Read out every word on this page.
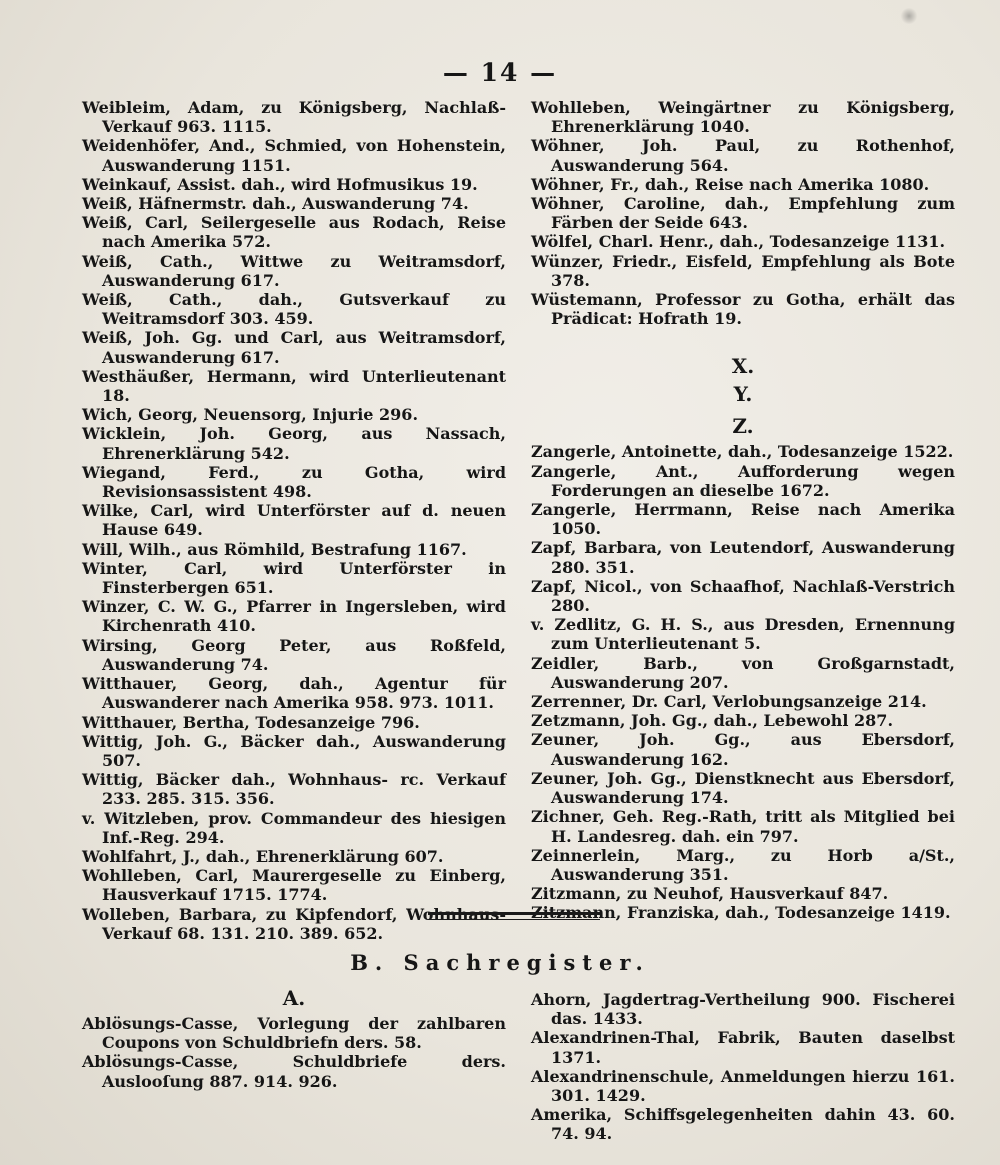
— 14 —

Weibleim, Adam, zu Königsberg, Nachlaß-Verkauf 963. 1115.

Weidenhöfer, And., Schmied, von Hohenstein, Auswanderung 1151.

Weinkauf, Assist. dah., wird Hofmusikus 19.

Weiß, Häfnermstr. dah., Auswanderung 74.

Weiß, Carl, Seilergeselle aus Rodach, Reise nach Amerika 572.

Weiß, Cath., Wittwe zu Weitramsdorf, Auswanderung 617.

Weiß, Cath., dah., Gutsverkauf zu Weitramsdorf 303. 459.

Weiß, Joh. Gg. und Carl, aus Weitramsdorf, Auswanderung 617.

Westhäußer, Hermann, wird Unterlieutenant 18.

Wich, Georg, Neuensorg, Injurie 296.

Wicklein, Joh. Georg, aus Nassach, Ehrenerklärung 542.

Wiegand, Ferd., zu Gotha, wird Revisionsassistent 498.

Wilke, Carl, wird Unterförster auf d. neuen Hause 649.

Will, Wilh., aus Römhild, Bestrafung 1167.

Winter, Carl, wird Unterförster in Finsterbergen 651.

Winzer, C. W. G., Pfarrer in Ingersleben, wird Kirchenrath 410.

Wirsing, Georg Peter, aus Roßfeld, Auswanderung 74.

Witthauer, Georg, dah., Agentur für Auswanderer nach Amerika 958. 973. 1011.

Witthauer, Bertha, Todesanzeige 796.

Wittig, Joh. G., Bäcker dah., Auswanderung 507.

Wittig, Bäcker dah., Wohnhaus- rc. Verkauf 233. 285. 315. 356.

v. Witzleben, prov. Commandeur des hiesigen Inf.-Reg. 294.

Wohlfahrt, J., dah., Ehrenerklärung 607.

Wohlleben, Carl, Maurergeselle zu Einberg, Hausverkauf 1715. 1774.

Wolleben, Barbara, zu Kipfendorf, Wohnhaus-Verkauf 68. 131. 210. 389. 652.

Wohlleben, Weingärtner zu Königsberg, Ehrenerklärung 1040.

Wöhner, Joh. Paul, zu Rothenhof, Auswanderung 564.

Wöhner, Fr., dah., Reise nach Amerika 1080.

Wöhner, Caroline, dah., Empfehlung zum Färben der Seide 643.

Wölfel, Charl. Henr., dah., Todesanzeige 1131.

Wünzer, Friedr., Eisfeld, Empfehlung als Bote 378.

Wüstemann, Professor zu Gotha, erhält das Prädicat: Hofrath 19.

X.

Y.

Z.

Zangerle, Antoinette, dah., Todesanzeige 1522.

Zangerle, Ant., Aufforderung wegen Forderungen an dieselbe 1672.

Zangerle, Herrmann, Reise nach Amerika 1050.

Zapf, Barbara, von Leutendorf, Auswanderung 280. 351.

Zapf, Nicol., von Schaafhof, Nachlaß-Verstrich 280.

v. Zedlitz, G. H. S., aus Dresden, Ernennung zum Unterlieutenant 5.

Zeidler, Barb., von Großgarnstadt, Auswanderung 207.

Zerrenner, Dr. Carl, Verlobungsanzeige 214.

Zetzmann, Joh. Gg., dah., Lebewohl 287.

Zeuner, Joh. Gg., aus Ebersdorf, Auswanderung 162.

Zeuner, Joh. Gg., Dienstknecht aus Ebersdorf, Auswanderung 174.

Zichner, Geh. Reg.-Rath, tritt als Mitglied bei H. Landesreg. dah. ein 797.

Zeinnerlein, Marg., zu Horb a/St., Auswanderung 351.

Zitzmann, zu Neuhof, Hausverkauf 847.

Zitzmann, Franziska, dah., Todesanzeige 1419.

B. Sachregister.

A.

Ablösungs-Casse, Vorlegung der zahlbaren Coupons von Schuldbriefn ders. 58.

Ablösungs-Casse, Schuldbriefe ders. Auslooſung 887. 914. 926.

Ahorn, Jagdertrag-Vertheilung 900. Fischerei das. 1433.

Alexandrinen-Thal, Fabrik, Bauten daselbst 1371.

Alexandrinenschule, Anmeldungen hierzu 161. 301. 1429.

Amerika, Schiffsgelegenheiten dahin 43. 60. 74. 94.
